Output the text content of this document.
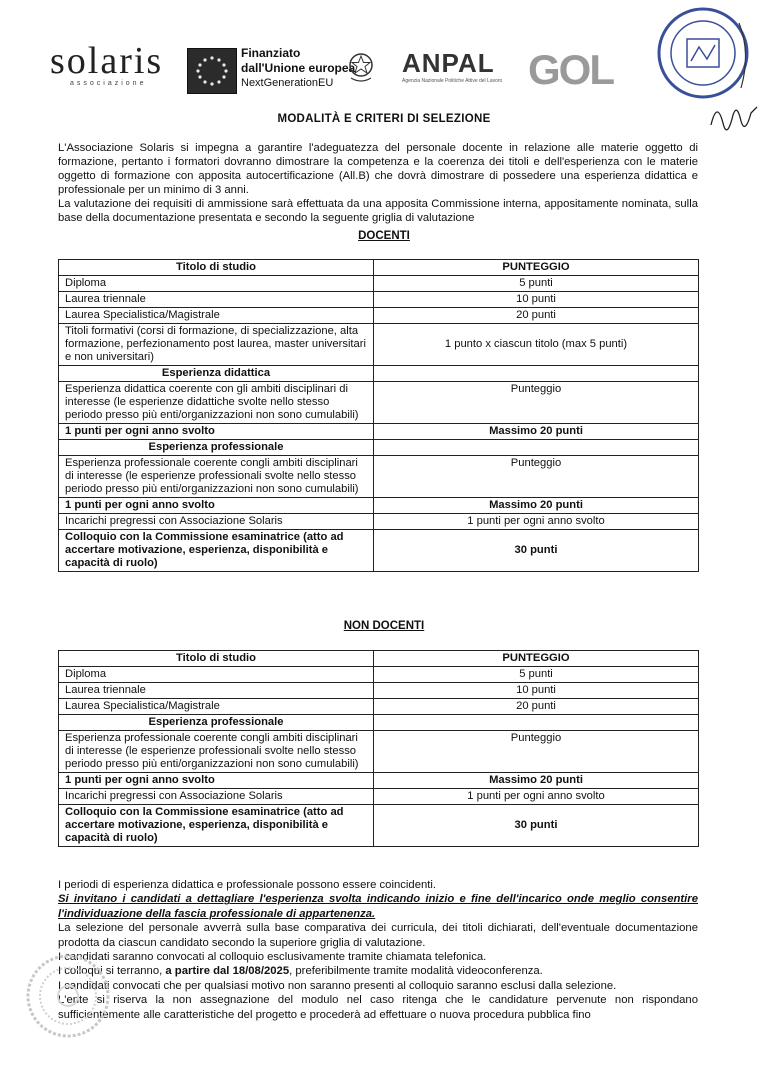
solaris
associazione
Finanziato
dall'Unione europea
NextGenerationEU
ANPAL
Agenzia Nazionale Politiche Attive del Lavoro GOL
MODALITÀ E CRITERI DI SELEZIONE

L'Associazione Solaris si impegna a garantire l'adeguatezza del personale docente in relazione alle materie oggetto di formazione, pertanto i formatori dovranno dimostrare la competenza e la coerenza dei titoli e dell'esperienza con le materie oggetto di formazione con apposita autocertificazione (All.B) che dovrà dimostrare di possedere una esperienza didattica e professionale per un minimo di 3 anni.

La valutazione dei requisiti di ammissione sarà effettuata da una apposita Commissione interna, appositamente nominata, sulla base della documentazione presentata e secondo la seguente griglia di valutazione

DOCENTI
Titolo di studio	PUNTEGGIO
Diploma	5 punti
Laurea triennale	10 punti
Laurea Specialistica/Magistrale	20 punti
Titoli formativi (corsi di formazione, di specializzazione, alta formazione, perfezionamento post laurea, master universitari e non universitari)	1 punto x ciascun titolo (max 5 punti)
Esperienza didattica	
Esperienza didattica coerente con gli ambiti disciplinari di interesse (le esperienze didattiche svolte nello stesso periodo presso più enti/organizzazioni non sono cumulabili)	Punteggio
1 punti per ogni anno svolto	Massimo 20 punti
Esperienza professionale	
Esperienza professionale coerente congli ambiti disciplinari di interesse (le esperienze professionali svolte nello stesso periodo presso più enti/organizzazioni non sono cumulabili)	Punteggio
1 punti per ogni anno svolto	Massimo 20 punti
Incarichi pregressi con Associazione Solaris	1 punti per ogni anno svolto
Colloquio con la Commissione esaminatrice (atto ad accertare motivazione, esperienza, disponibilità e capacità di ruolo)	30 punti
NON DOCENTI
Titolo di studio	PUNTEGGIO
Diploma	5 punti
Laurea triennale	10 punti
Laurea Specialistica/Magistrale	20 punti
Esperienza professionale	
Esperienza professionale coerente congli ambiti disciplinari di interesse (le esperienze professionali svolte nello stesso periodo presso più enti/organizzazioni non sono cumulabili)	Punteggio
1 punti per ogni anno svolto	Massimo 20 punti
Incarichi pregressi con Associazione Solaris	1 punti per ogni anno svolto
Colloquio con la Commissione esaminatrice (atto ad accertare motivazione, esperienza, disponibilità e capacità di ruolo)	30 punti

I periodi di esperienza didattica e professionale possono essere coincidenti.

Si invitano i candidati a dettagliare l'esperienza svolta indicando inizio e fine dell'incarico onde meglio consentire l'individuazione della fascia professionale di appartenenza.

La selezione del personale avverrà sulla base comparativa dei curricula, dei titoli dichiarati, dell'eventuale documentazione prodotta da ciascun candidato secondo la superiore griglia di valutazione.

I candidati saranno convocati al colloquio esclusivamente tramite chiamata telefonica.

I colloqui si terranno, a partire dal 18/08/2025, preferibilmente tramite modalità videoconferenza.

I candidati convocati che per qualsiasi motivo non saranno presenti al colloquio saranno esclusi dalla selezione.

L'ente si riserva la non assegnazione del modulo nel caso ritenga che le candidature pervenute non rispondano sufficientemente alle caratteristiche del progetto e procederà ad effettuare o nuova procedura pubblica fino
